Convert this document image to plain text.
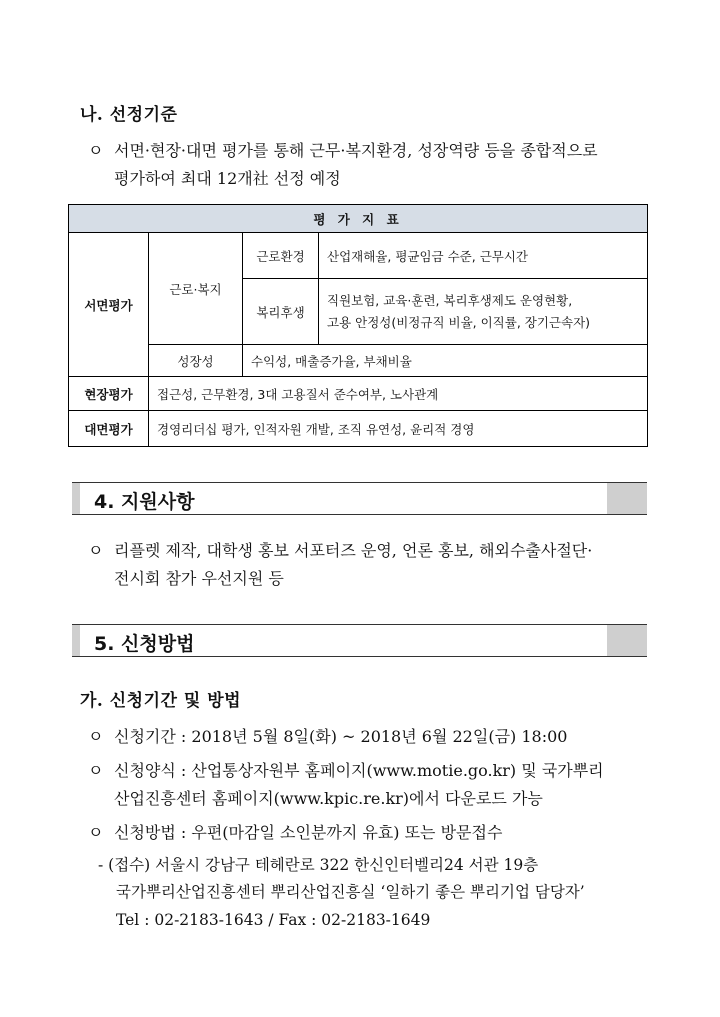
나. 선정기준
ㅇ 서면·현장·대면 평가를 통해 근무·복지환경, 성장역량 등을 종합적으로
평가하여 최대 12개社 선정 예정
평 가 지 표			
서면평가	근로·복지	근로환경	산업재해율, 평균임금 수준, 근무시간
		복리후생	직원보험, 교육·훈련, 복리후생제도 운영현황,
고용 안정성(비정규직 비율, 이직률, 장기근속자)

	성장성	수익성, 매출증가율, 부채비율	
현장평가	접근성, 근무환경, 3대 고용질서 준수여부, 노사관계		
대면평가	경영리더십 평가, 인적자원 개발, 조직 유연성, 윤리적 경영		
4. 지원사항
ㅇ 리플렛 제작, 대학생 홍보 서포터즈 운영, 언론 홍보, 해외수출사절단·
전시회 참가 우선지원 등
5. 신청방법
가. 신청기간 및 방법
ㅇ 신청기간 : 2018년 5월 8일(화) ~ 2018년 6월 22일(금) 18:00
ㅇ 신청양식 : 산업통상자원부 홈페이지(www.motie.go.kr) 및 국가뿌리
산업진흥센터 홈페이지(www.kpic.re.kr)에서 다운로드 가능
ㅇ 신청방법 : 우편(마감일 소인분까지 유효) 또는 방문접수
- (접수) 서울시 강남구 테헤란로 322 한신인터벨리24 서관 19층
국가뿌리산업진흥센터 뿌리산업진흥실 ‘일하기 좋은 뿌리기업 담당자’
Tel : 02-2183-1643 / Fax : 02-2183-1649
